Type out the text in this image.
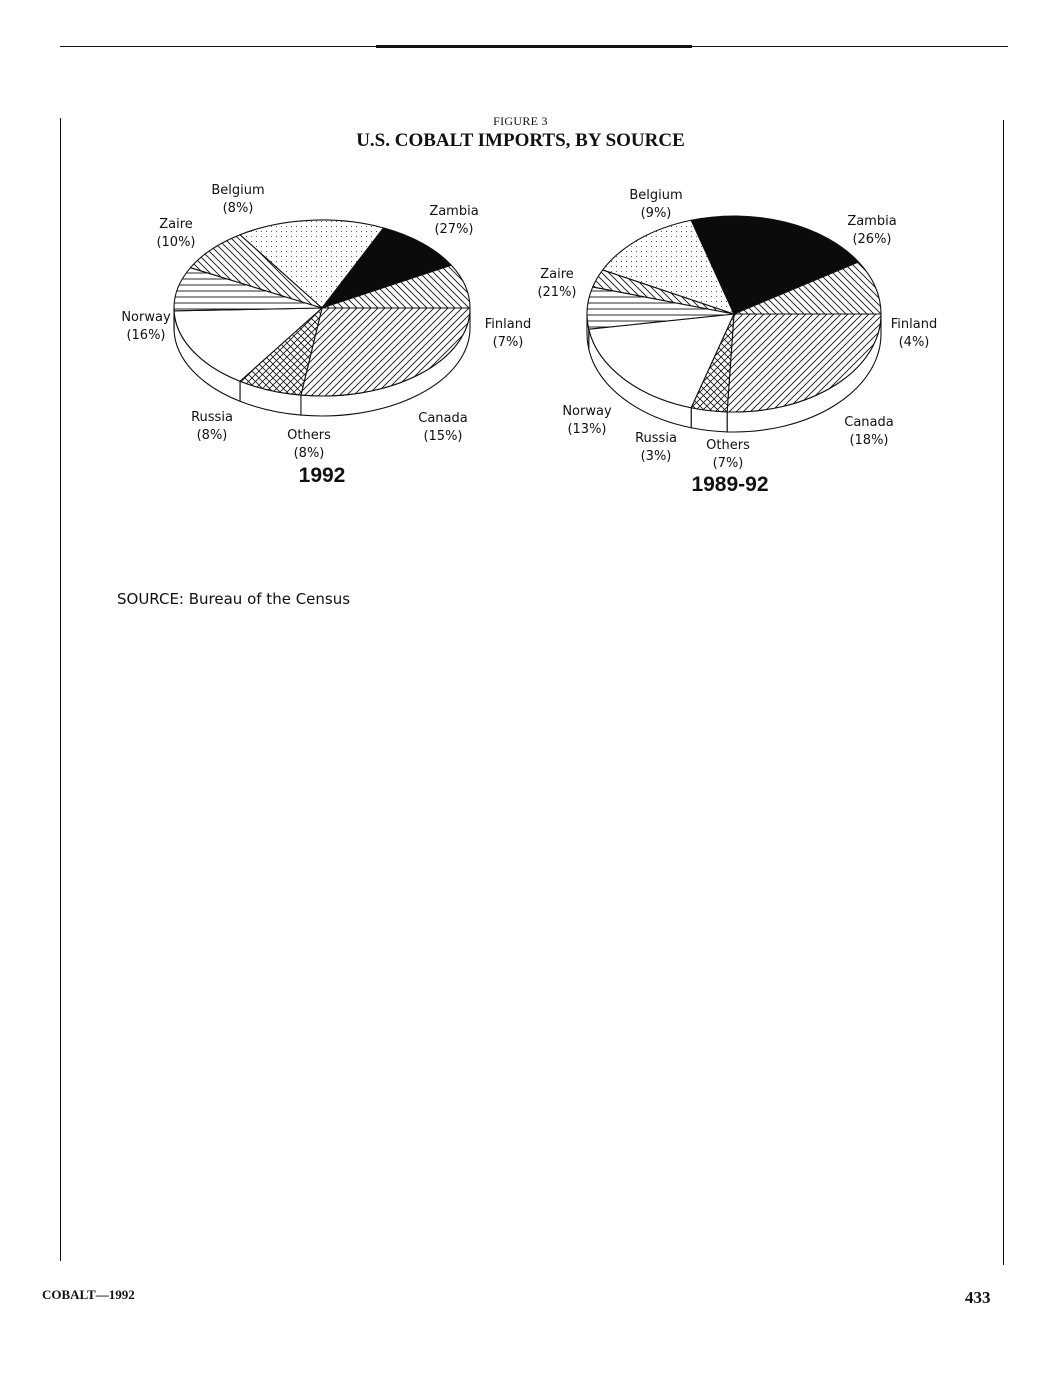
FIGURE 3
U.S. COBALT IMPORTS, BY SOURCE
Belgium
(8%)
Zaire
(10%)
Zambia
(27%)
Norway
(16%)
Finland
(7%)
Russia
(8%)
Canada
(15%)
Others
(8%)
1992
Belgium
(9%)
Zambia
(26%)
Zaire
(21%)
Finland
(4%)
Norway
(13%)	Canada
(18%)
Russia
(3%)
Others
(7%)
1989-92
SOURCE: Bureau of the Census
COBALT—1992	433
